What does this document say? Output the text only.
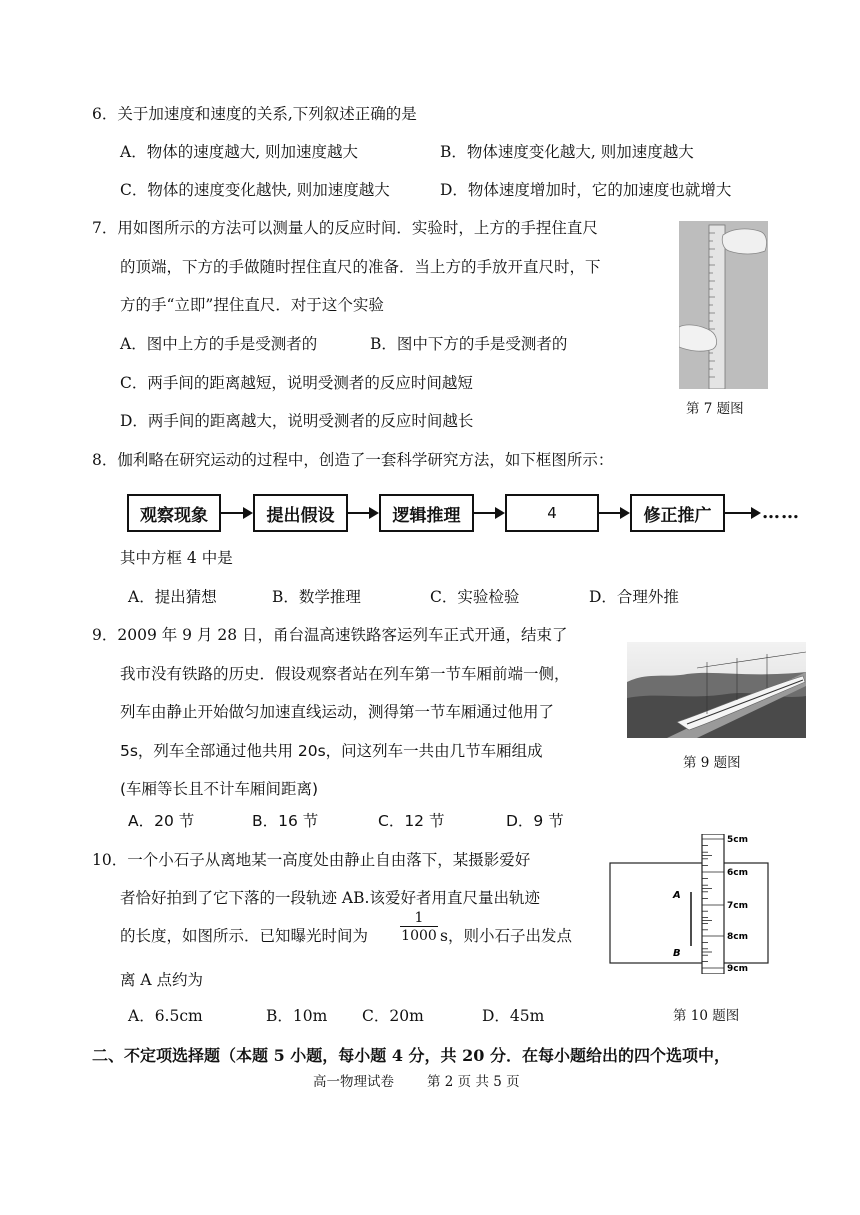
6．关于加速度和速度的关系,下列叙述正确的是
A．物体的速度越大, 则加速度越大	B．物体速度变化越大, 则加速度越大
C．物体的速度变化越快, 则加速度越大	D．物体速度增加时，它的加速度也就增大
7．用如图所示的方法可以测量人的反应时间．实验时，上方的手捏住直尺
的顶端，下方的手做随时捏住直尺的准备．当上方的手放开直尺时，下
方的手“立即”捏住直尺．对于这个实验
A．图中上方的手是受测者的	B．图中下方的手是受测者的
C．两手间的距离越短，说明受测者的反应时间越短
D．两手间的距离越大，说明受测者的反应时间越长
第 7 题图
8．伽利略在研究运动的过程中，创造了一套科学研究方法，如下框图所示：
观察现象	提出假设	逻辑推理	4	修正推广	……
其中方框 4 中是
A．提出猜想	B．数学推理	C．实验检验	D．合理外推
9．2009 年 9 月 28 日，甬台温高速铁路客运列车正式开通，结束了
我市没有铁路的历史．假设观察者站在列车第一节车厢前端一侧，
列车由静止开始做匀加速直线运动，测得第一节车厢通过他用了
5s，列车全部通过他共用 20s，问这列车一共由几节车厢组成
(车厢等长且不计车厢间距离)
A．20 节	B．16 节	C．12 节	D．9 节
第 9 题图
10．一个小石子从离地某一高度处由静止自由落下，某摄影爱好
者恰好拍到了它下落的一段轨迹 AB.该爱好者用直尺量出轨迹
的长度，如图所示．已知曝光时间为 $\frac{1}{1000}$ s，则小石子出发点
离 A 点约为
A．6.5cm	B．10m C．20m	D．45m
5cm
6cm
7cm
8cm
9cm
A
B
第 10 题图
二、不定项选择题（本题 5 小题，每小题 4 分，共 20 分．在每小题给出的四个选项中，
高一物理试卷 第 2 页 共 5 页
